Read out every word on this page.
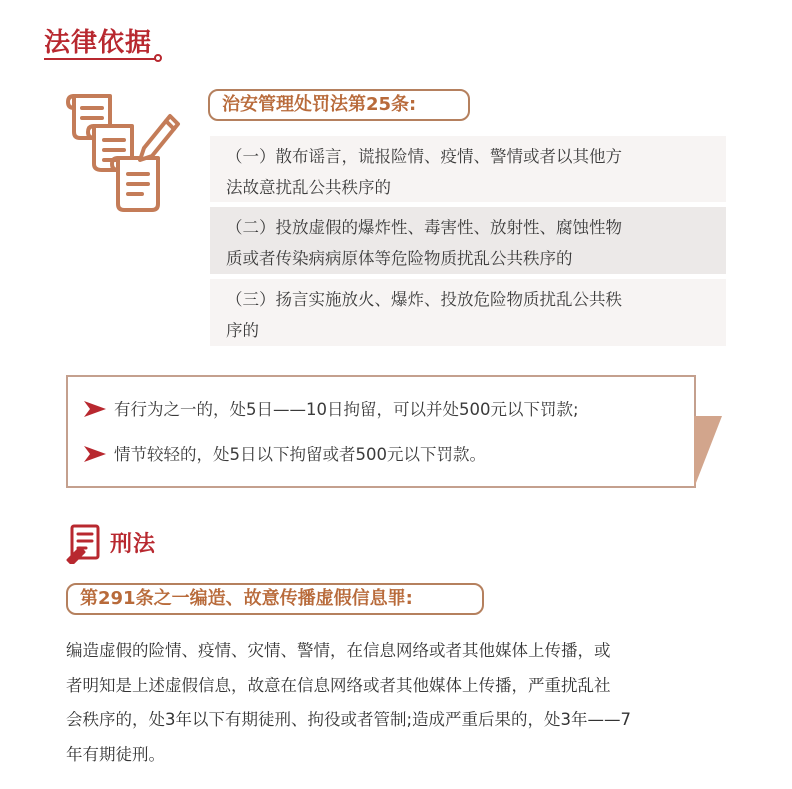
法律依据
治安管理处罚法第25条:
（一）散布谣言，谎报险情、疫情、警情或者以其他方
法故意扰乱公共秩序的
（二）投放虚假的爆炸性、毒害性、放射性、腐蚀性物
质或者传染病病原体等危险物质扰乱公共秩序的
（三）扬言实施放火、爆炸、投放危险物质扰乱公共秩
序的
有行为之一的，处5日——10日拘留，可以并处500元以下罚款;
情节较轻的，处5日以下拘留或者500元以下罚款。
刑法
第291条之一编造、故意传播虚假信息罪:
编造虚假的险情、疫情、灾情、警情，在信息网络或者其他媒体上传播，或
者明知是上述虚假信息，故意在信息网络或者其他媒体上传播，严重扰乱社
会秩序的，处3年以下有期徒刑、拘役或者管制;造成严重后果的，处3年——7
年有期徒刑。
